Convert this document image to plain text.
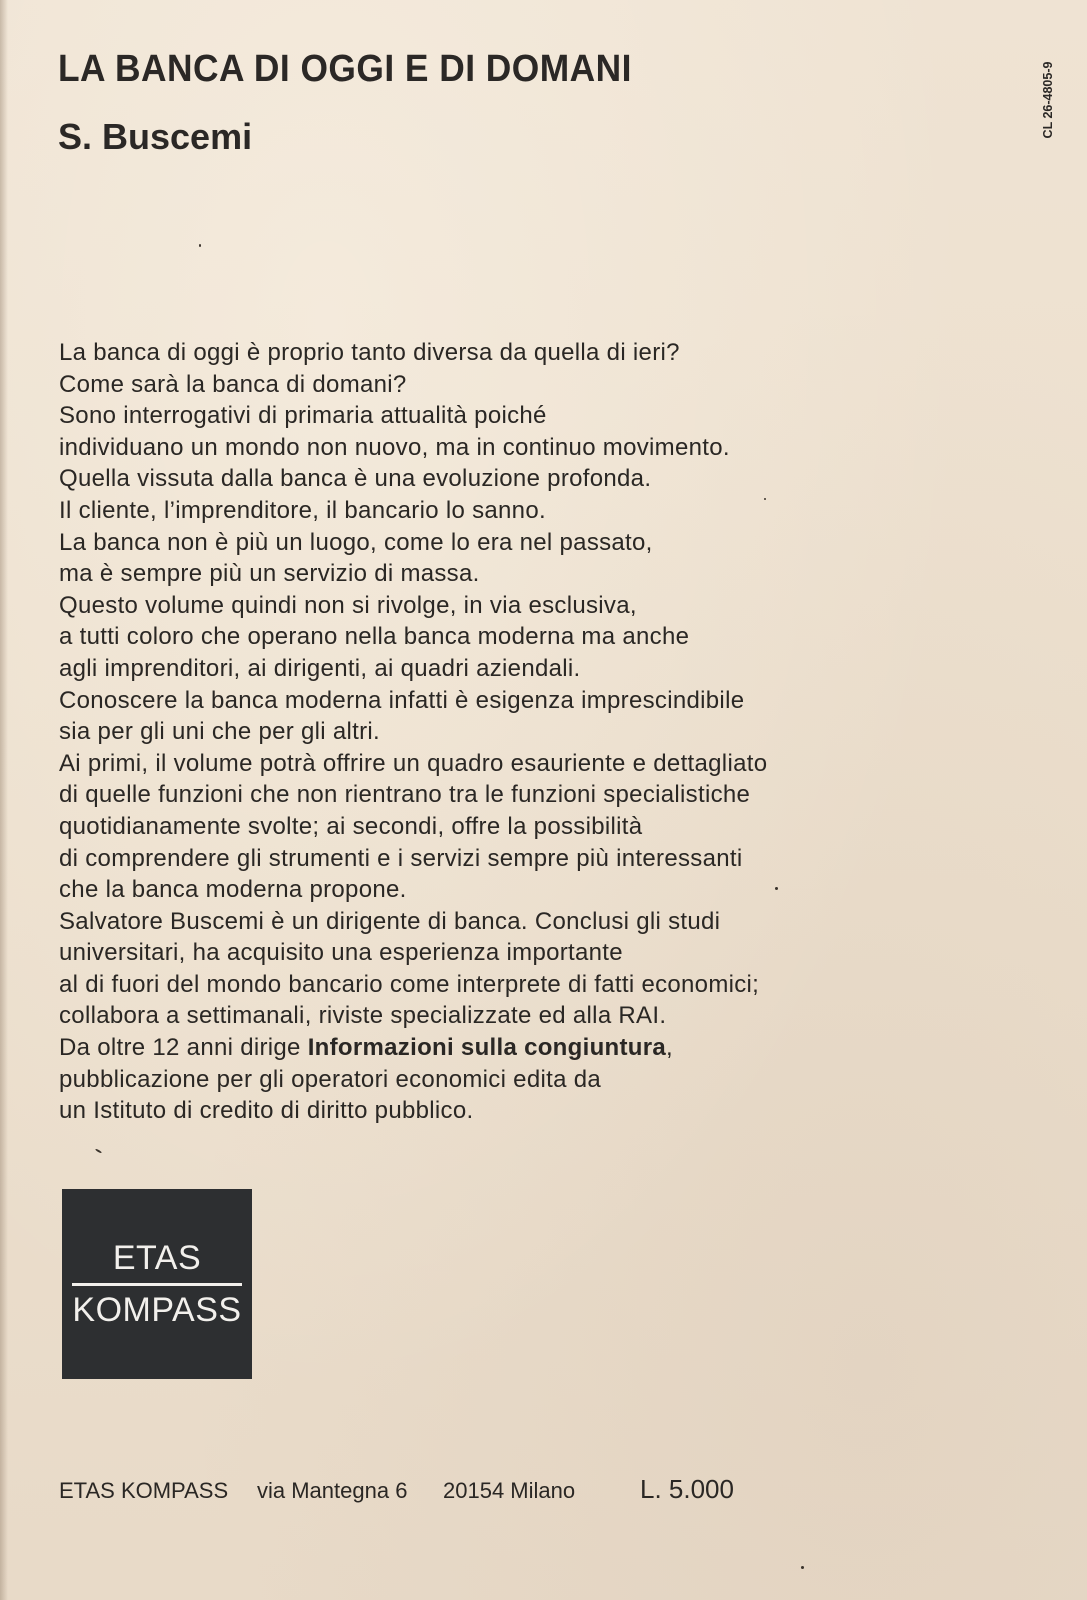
LA BANCA DI OGGI E DI DOMANI
S. Buscemi	CL 26-4805-9
La banca di oggi è proprio tanto diversa da quella di ieri?
Come sarà la banca di domani?
Sono interrogativi di primaria attualità poiché
individuano un mondo non nuovo, ma in continuo movimento.
Quella vissuta dalla banca è una evoluzione profonda.
Il cliente, l’imprenditore, il bancario lo sanno.
La banca non è più un luogo, come lo era nel passato,
ma è sempre più un servizio di massa.
Questo volume quindi non si rivolge, in via esclusiva,
a tutti coloro che operano nella banca moderna ma anche
agli imprenditori, ai dirigenti, ai quadri aziendali.
Conoscere la banca moderna infatti è esigenza imprescindibile
sia per gli uni che per gli altri.
Ai primi, il volume potrà offrire un quadro esauriente e dettagliato
di quelle funzioni che non rientrano tra le funzioni specialistiche
quotidianamente svolte; ai secondi, offre la possibilità
di comprendere gli strumenti e i servizi sempre più interessanti
che la banca moderna propone.
Salvatore Buscemi è un dirigente di banca. Conclusi gli studi
universitari, ha acquisito una esperienza importante
al di fuori del mondo bancario come interprete di fatti economici;
collabora a settimanali, riviste specializzate ed alla RAI.
Da oltre 12 anni dirige Informazioni sulla congiuntura,
pubblicazione per gli operatori economici edita da
un Istituto di credito di diritto pubblico.
ETAS
KOMPASS
ETAS KOMPASS via Mantegna 6 20154 Milano L. 5.000
